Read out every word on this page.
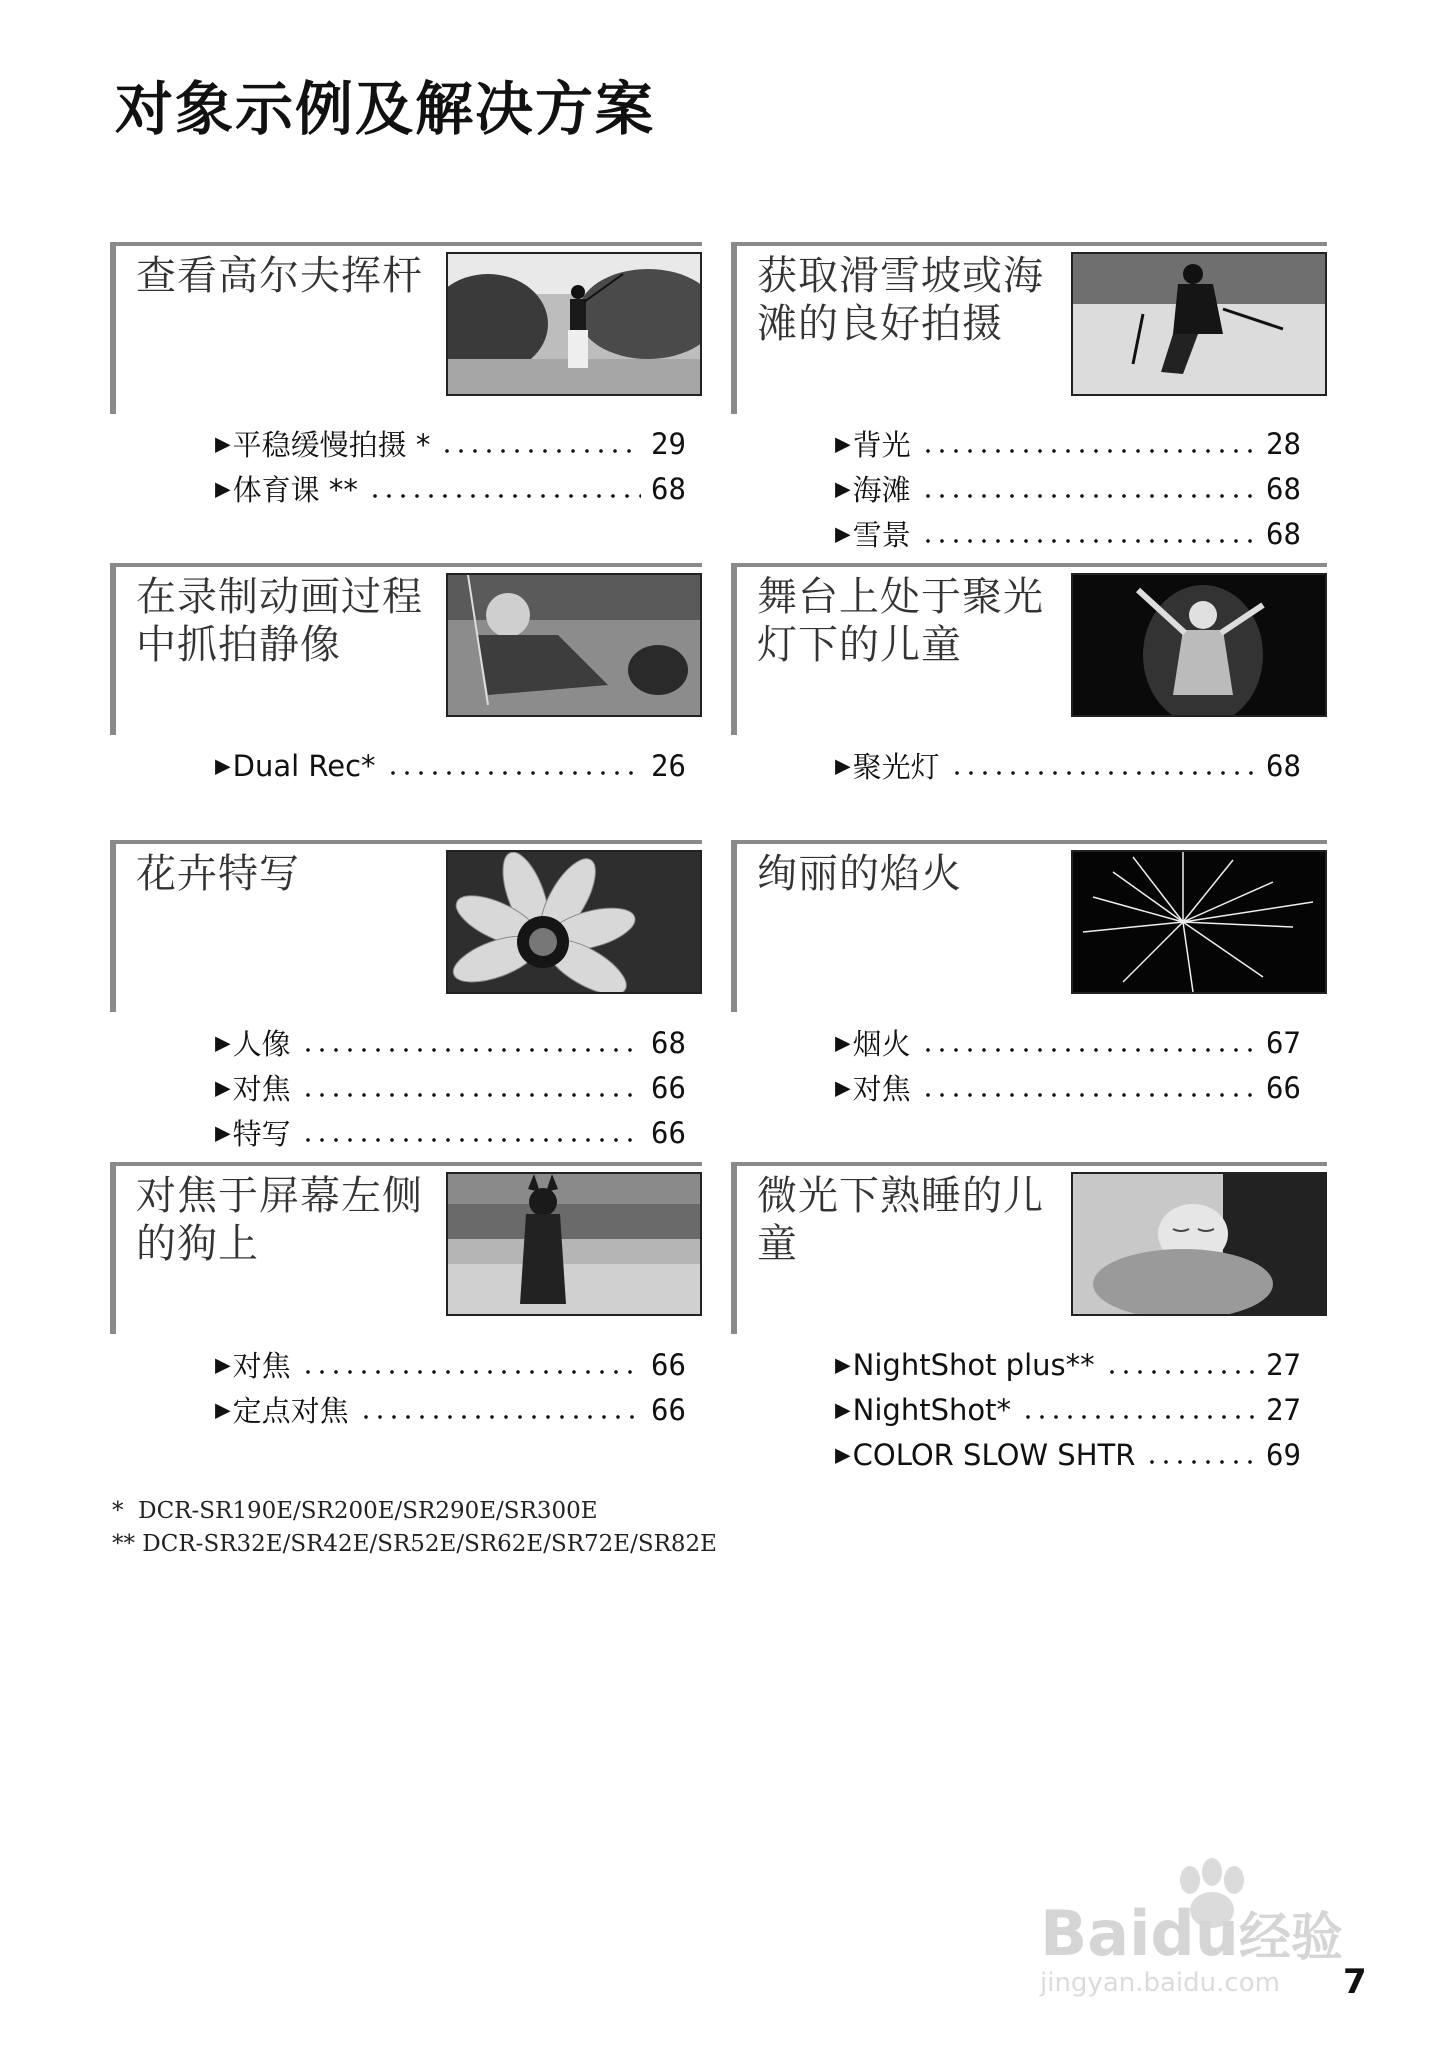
对象示例及解决方案
查看高尔夫挥杆
▶ 平稳缓慢拍摄 *	29
▶ 体育课 **	68
获取滑雪坡或海滩的良好拍摄
▶ 背光	28
▶ 海滩	68
▶ 雪景	68
在录制动画过程中抓拍静像
▶ Dual Rec*	26
舞台上处于聚光灯下的儿童
▶ 聚光灯	68
花卉特写
▶ 人像	68
▶ 对焦	66
▶ 特写	66
绚丽的焰火
▶ 烟火	67
▶ 对焦	66
对焦于屏幕左侧的狗上
▶ 对焦	66
▶ 定点对焦	66
微光下熟睡的儿童
▶ NightShot plus**	27
▶ NightShot*	27
▶ COLOR SLOW SHTR	69
*  DCR-SR190E/SR200E/SR290E/SR300E
** DCR-SR32E/SR42E/SR52E/SR62E/SR72E/SR82E
Baidu经验
jingyan.baidu.com 7
